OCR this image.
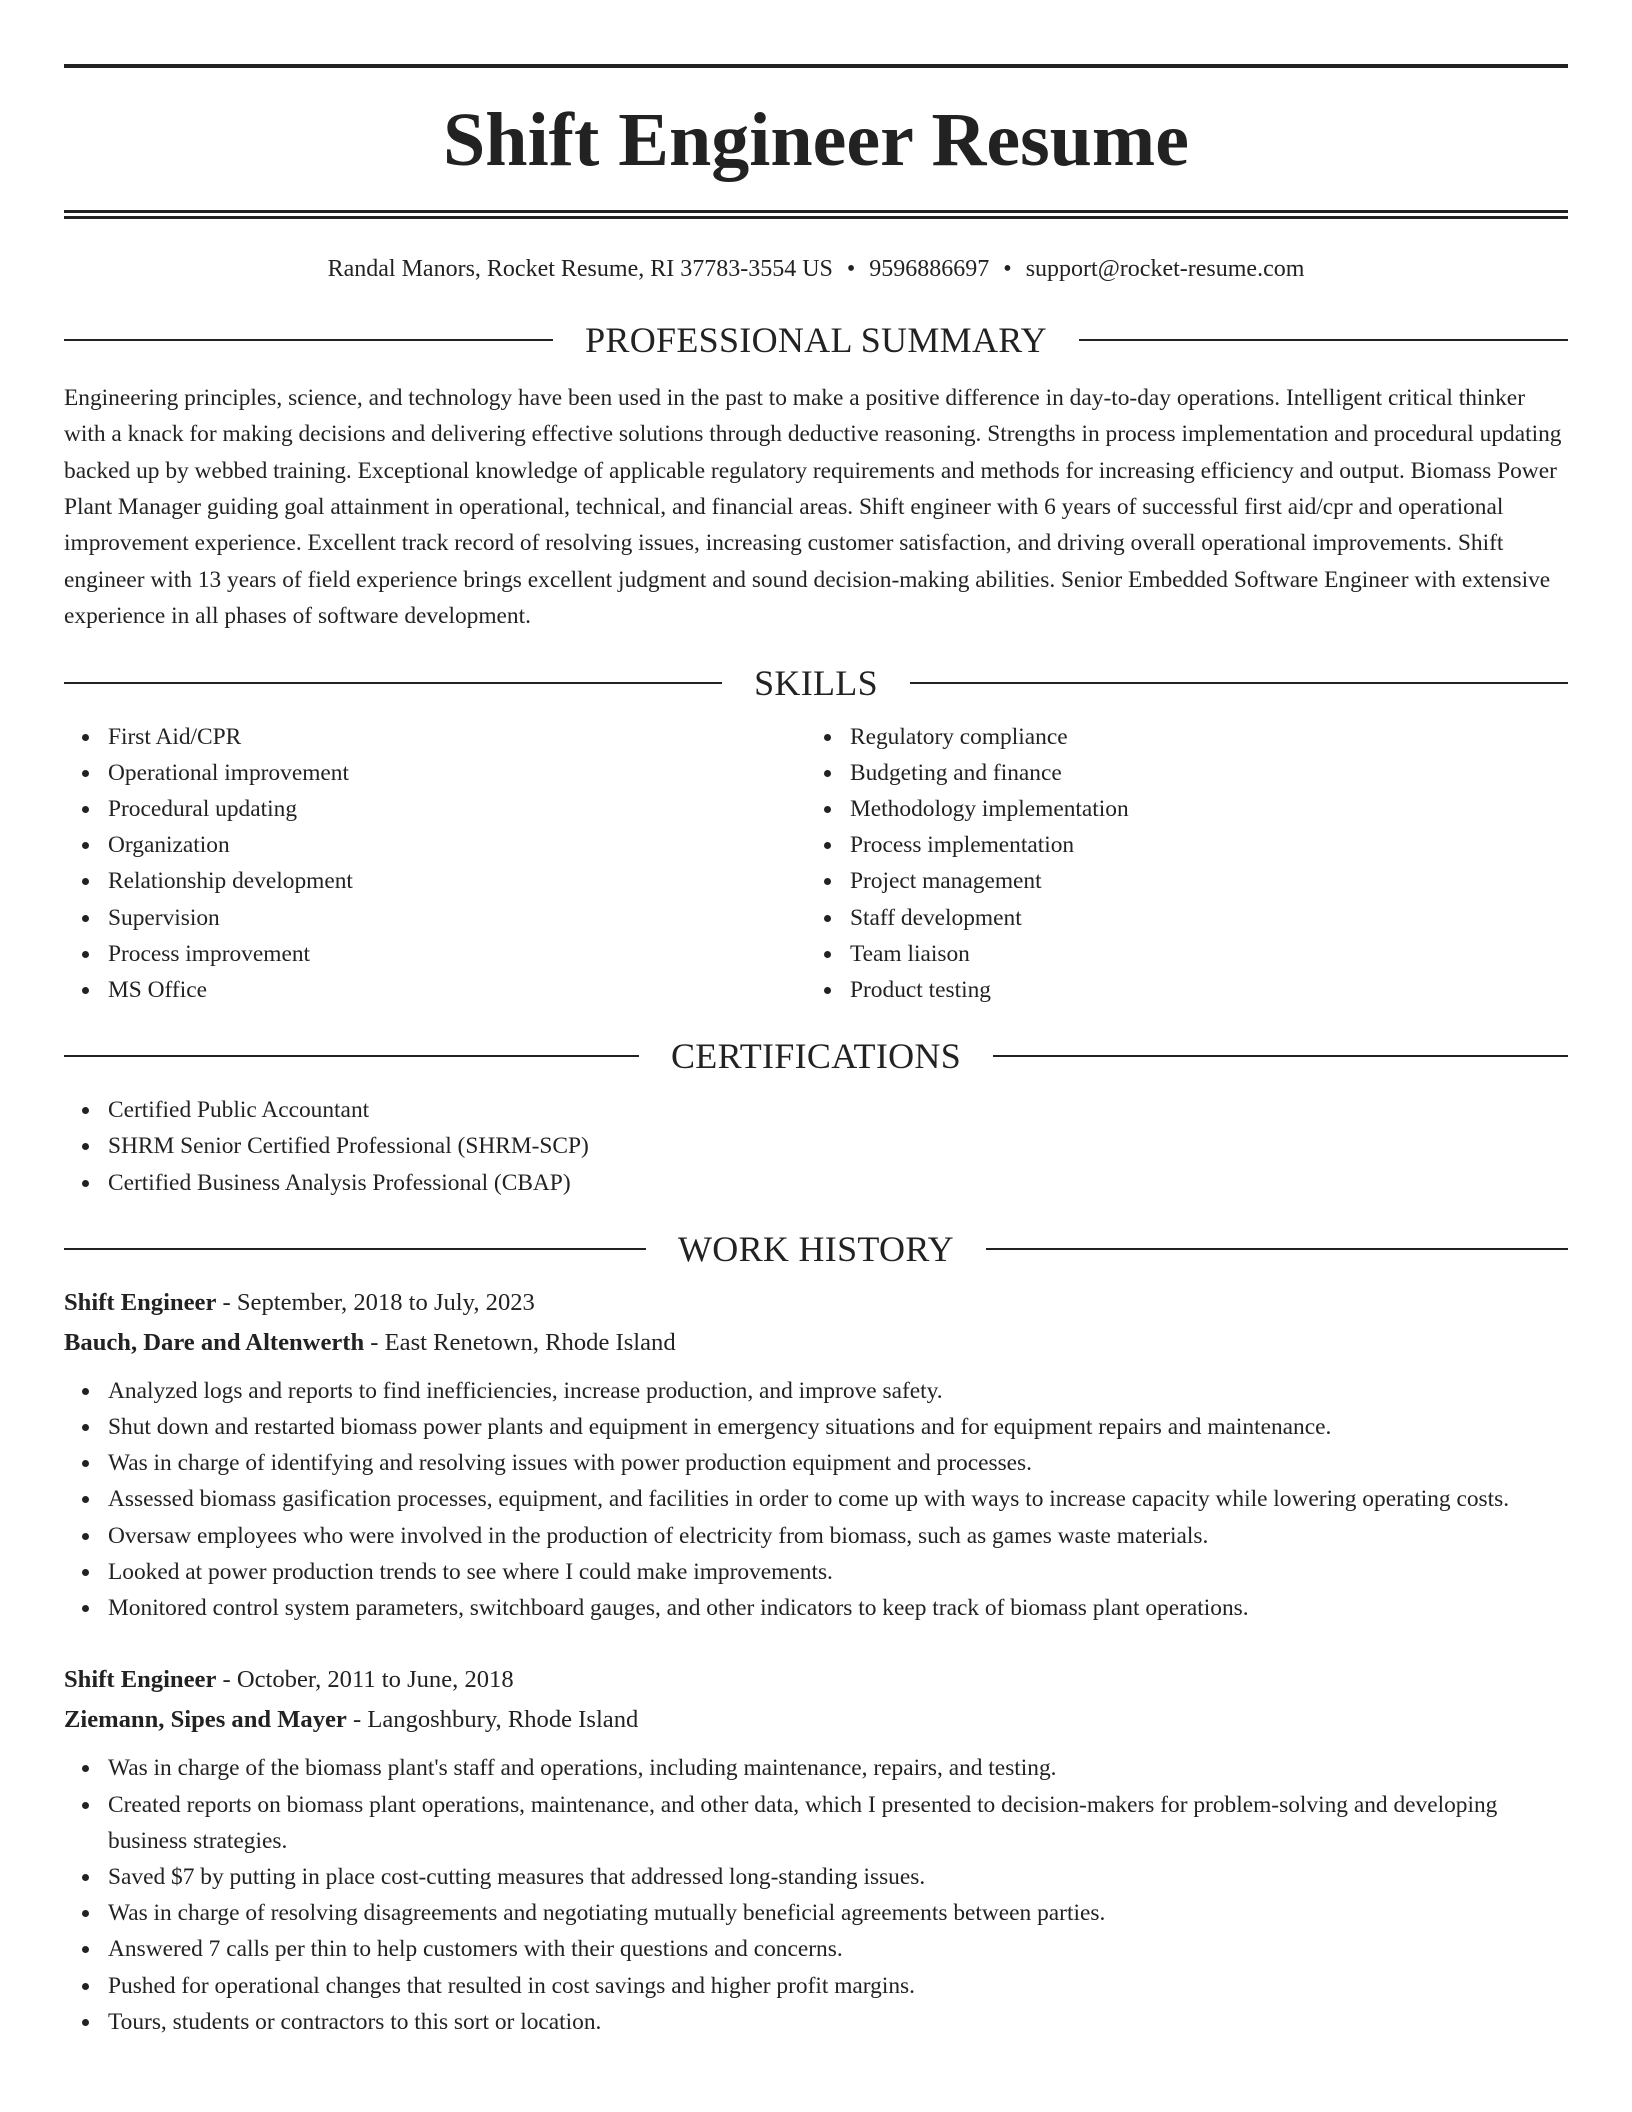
Shift Engineer Resume
Randal Manors, Rocket Resume, RI 37783-3554 US • 9596886697 • support@rocket-resume.com
PROFESSIONAL SUMMARY

Engineering principles, science, and technology have been used in the past to make a positive difference in day-to-day operations. Intelligent critical thinker with a knack for making decisions and delivering effective solutions through deductive reasoning. Strengths in process implementation and procedural updating backed up by webbed training. Exceptional knowledge of applicable regulatory requirements and methods for increasing efficiency and output. Biomass Power Plant Manager guiding goal attainment in operational, technical, and financial areas. Shift engineer with 6 years of successful first aid/cpr and operational improvement experience. Excellent track record of resolving issues, increasing customer satisfaction, and driving overall operational improvements. Shift engineer with 13 years of field experience brings excellent judgment and sound decision-making abilities. Senior Embedded Software Engineer with extensive experience in all phases of software development.

SKILLS
First Aid/CPR
Operational improvement
Procedural updating
Organization
Relationship development
Supervision
Process improvement
MS Office
Regulatory compliance
Budgeting and finance
Methodology implementation
Process implementation
Project management
Staff development
Team liaison
Product testing
CERTIFICATIONS
Certified Public Accountant
SHRM Senior Certified Professional (SHRM-SCP)
Certified Business Analysis Professional (CBAP)
WORK HISTORY
Shift Engineer - September, 2018 to July, 2023
Bauch, Dare and Altenwerth - East Renetown, Rhode Island
Analyzed logs and reports to find inefficiencies, increase production, and improve safety.
Shut down and restarted biomass power plants and equipment in emergency situations and for equipment repairs and maintenance.
Was in charge of identifying and resolving issues with power production equipment and processes.
Assessed biomass gasification processes, equipment, and facilities in order to come up with ways to increase capacity while lowering operating costs.
Oversaw employees who were involved in the production of electricity from biomass, such as games waste materials.
Looked at power production trends to see where I could make improvements.
Monitored control system parameters, switchboard gauges, and other indicators to keep track of biomass plant operations.
Shift Engineer - October, 2011 to June, 2018
Ziemann, Sipes and Mayer - Langoshbury, Rhode Island
Was in charge of the biomass plant's staff and operations, including maintenance, repairs, and testing.
Created reports on biomass plant operations, maintenance, and other data, which I presented to decision-makers for problem-solving and developing business strategies.
Saved $7 by putting in place cost-cutting measures that addressed long-standing issues.
Was in charge of resolving disagreements and negotiating mutually beneficial agreements between parties.
Answered 7 calls per thin to help customers with their questions and concerns.
Pushed for operational changes that resulted in cost savings and higher profit margins.
Tours, students or contractors to this sort or location.
